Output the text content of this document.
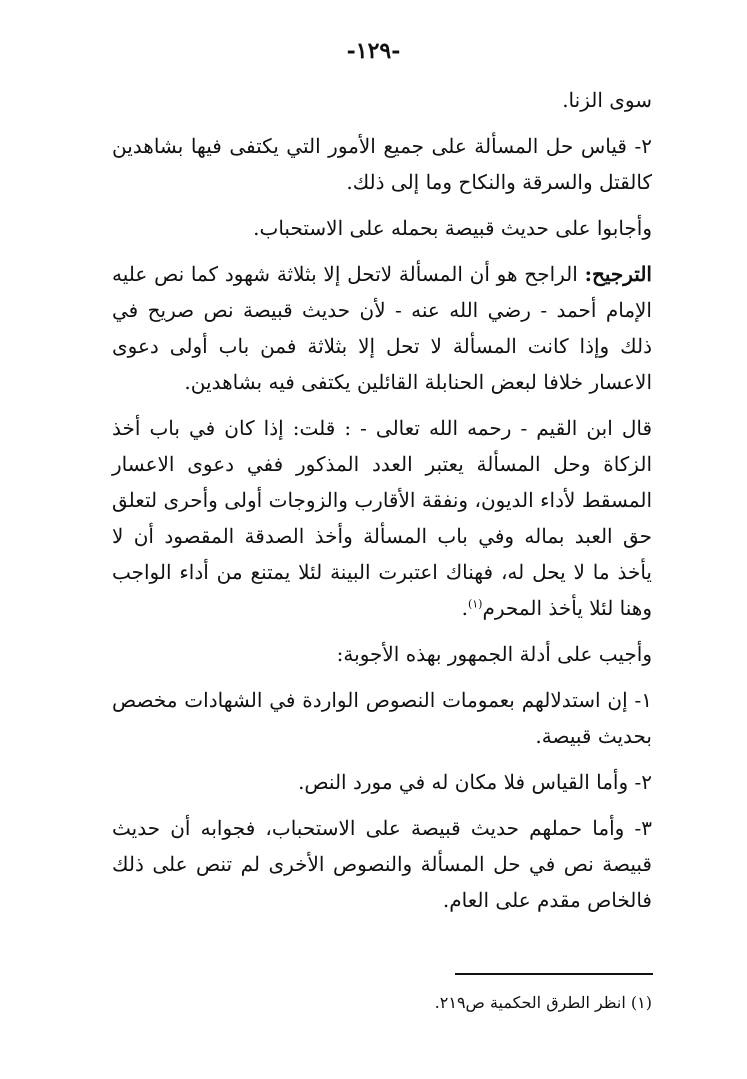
-١٢٩-

سوى الزنا.

٢- قياس حل المسألة على جميع الأمور التي يكتفى فيها بشاهدين كالقتل والسرقة والنكاح وما إلى ذلك.

وأجابوا على حديث قبيصة بحمله على الاستحباب.

الترجيح: الراجح هو أن المسألة لاتحل إلا بثلاثة شهود كما نص عليه الإمام أحمد - رضي الله عنه - لأن حديث قبيصة نص صريح في ذلك وإذا كانت المسألة لا تحل إلا بثلاثة فمن باب أولى دعوى الاعسار خلافا لبعض الحنابلة القائلين يكتفى فيه بشاهدين.

قال ابن القيم - رحمه الله تعالى - : قلت: إذا كان في باب أخذ الزكاة وحل المسألة يعتبر العدد المذكور ففي دعوى الاعسار المسقط لأداء الديون، ونفقة الأقارب والزوجات أولى وأحرى لتعلق حق العبد بماله وفي باب المسألة وأخذ الصدقة المقصود أن لا يأخذ ما لا يحل له، فهناك اعتبرت البينة لئلا يمتنع من أداء الواجب وهنا لئلا يأخذ المحرم$^{(١)}$.

وأجيب على أدلة الجمهور بهذه الأجوبة:

١- إن استدلالهم بعمومات النصوص الواردة في الشهادات مخصص بحديث قبيصة.

٢- وأما القياس فلا مكان له في مورد النص.

٣- وأما حملهم حديث قبيصة على الاستحباب، فجوابه أن حديث قبيصة نص في حل المسألة والنصوص الأخرى لم تنص على ذلك فالخاص مقدم على العام.

(١) انظر الطرق الحكمية ص٢١٩.
